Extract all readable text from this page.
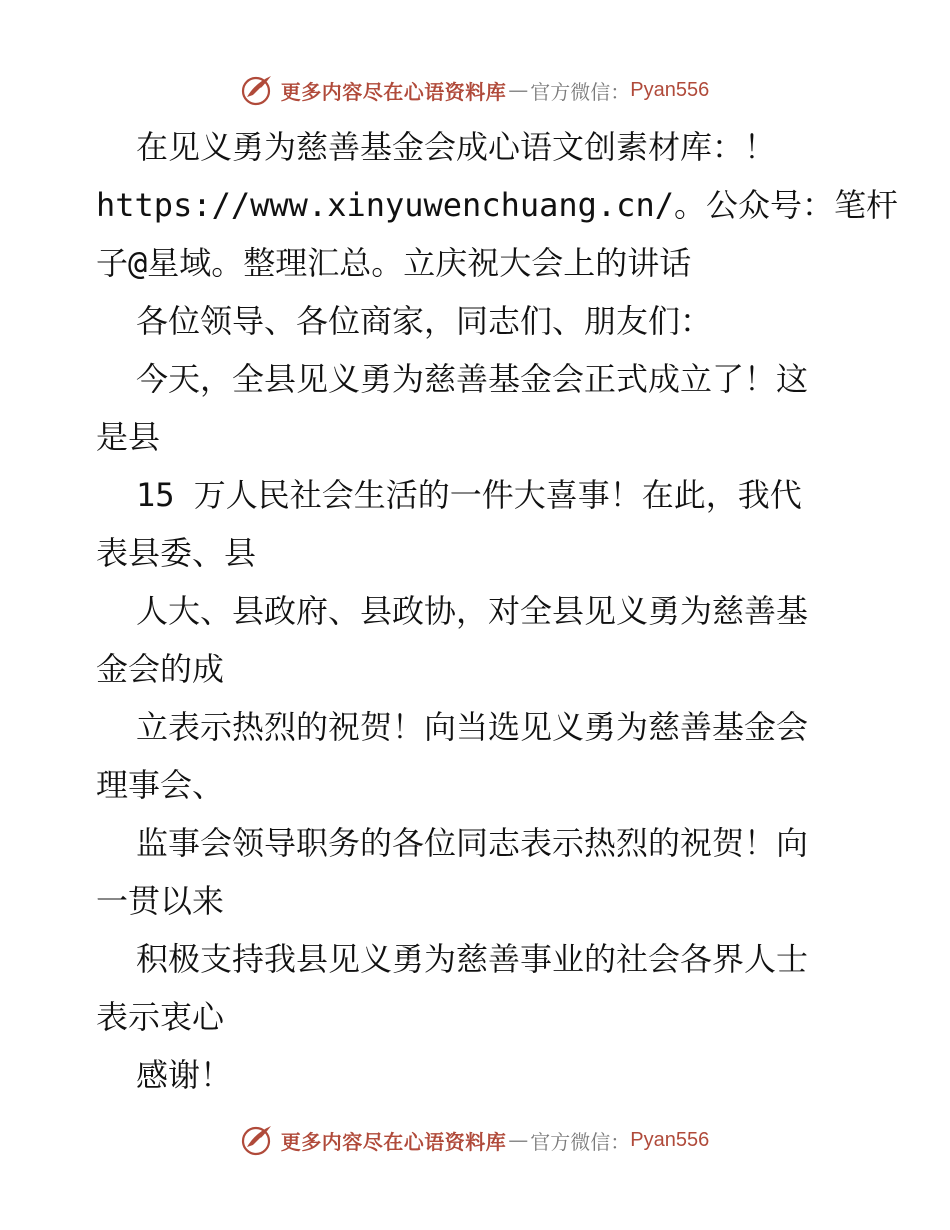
更多内容尽在心语资料库 — 官方微信： Pyan556
在见义勇为慈善基金会成心语文创素材库：！
https://www.xinyuwenchuang.cn/。公众号：笔杆
子@星域。整理汇总。立庆祝大会上的讲话
各位领导、各位商家，同志们、朋友们：
今天，全县见义勇为慈善基金会正式成立了！这
是县
15 万人民社会生活的一件大喜事！在此，我代
表县委、县
人大、县政府、县政协，对全县见义勇为慈善基
金会的成
立表示热烈的祝贺！向当选见义勇为慈善基金会
理事会、
监事会领导职务的各位同志表示热烈的祝贺！向
一贯以来
积极支持我县见义勇为慈善事业的社会各界人士
表示衷心
感谢！
更多内容尽在心语资料库 — 官方微信： Pyan556
